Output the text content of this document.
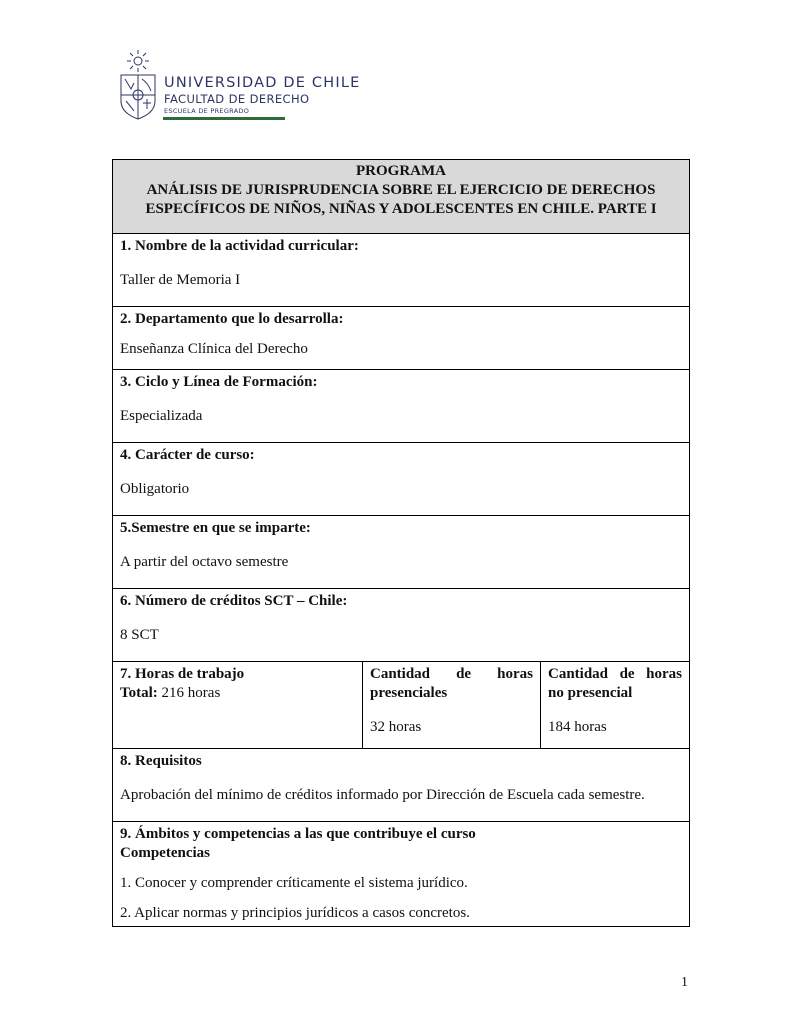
UNIVERSIDAD DE CHILE
FACULTAD DE DERECHO
ESCUELA DE PREGRADO
PROGRAMA
ANÁLISIS DE JURISPRUDENCIA SOBRE EL EJERCICIO DE DERECHOS
ESPECÍFICOS DE NIÑOS, NIÑAS Y ADOLESCENTES EN CHILE. PARTE I

1. Nombre de la actividad curricular:
Taller de Memoria I

2. Departamento que lo desarrolla:
Enseñanza Clínica del Derecho

3. Ciclo y Línea de Formación:
Especializada

4. Carácter de curso:
Obligatorio

5.Semestre en que se imparte:
A partir del octavo semestre

6. Número de créditos SCT – Chile:
8 SCT

7. Horas de trabajo
Total: 216 horas

Cantidad de horas
presenciales
32 horas

Cantidad de horas
no presencial
184 horas

8. Requisitos
Aprobación del mínimo de créditos informado por Dirección de Escuela cada semestre.

9. Ámbitos y competencias a las que contribuye el curso
Competencias
1. Conocer y comprender críticamente el sistema jurídico.
2. Aplicar normas y principios jurídicos a casos concretos.
1
